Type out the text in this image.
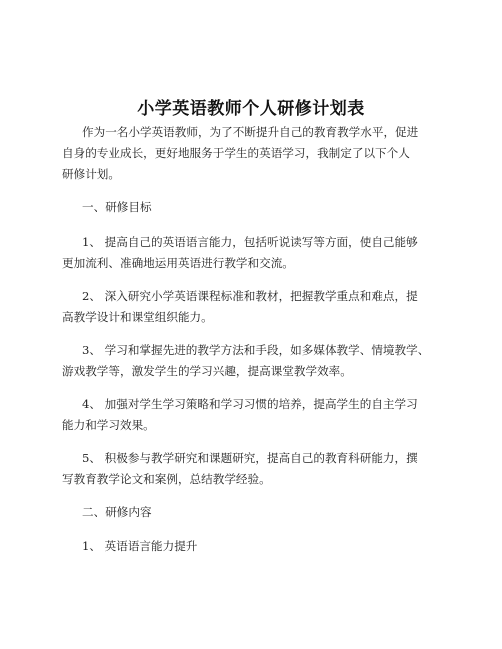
小学英语教师个人研修计划表

作为一名小学英语教师，为了不断提升自己的教育教学水平，促进
自身的专业成长，更好地服务于学生的英语学习，我制定了以下个人
研修计划。

一、研修目标

1、 提高自己的英语语言能力，包括听说读写等方面，使自己能够
更加流利、准确地运用英语进行教学和交流。

2、 深入研究小学英语课程标准和教材，把握教学重点和难点，提
高教学设计和课堂组织能力。

3、 学习和掌握先进的教学方法和手段，如多媒体教学、情境教学、
游戏教学等，激发学生的学习兴趣，提高课堂教学效率。

4、 加强对学生学习策略和学习习惯的培养，提高学生的自主学习
能力和学习效果。

5、 积极参与教学研究和课题研究，提高自己的教育科研能力，撰
写教育教学论文和案例，总结教学经验。

二、研修内容

1、 英语语言能力提升
